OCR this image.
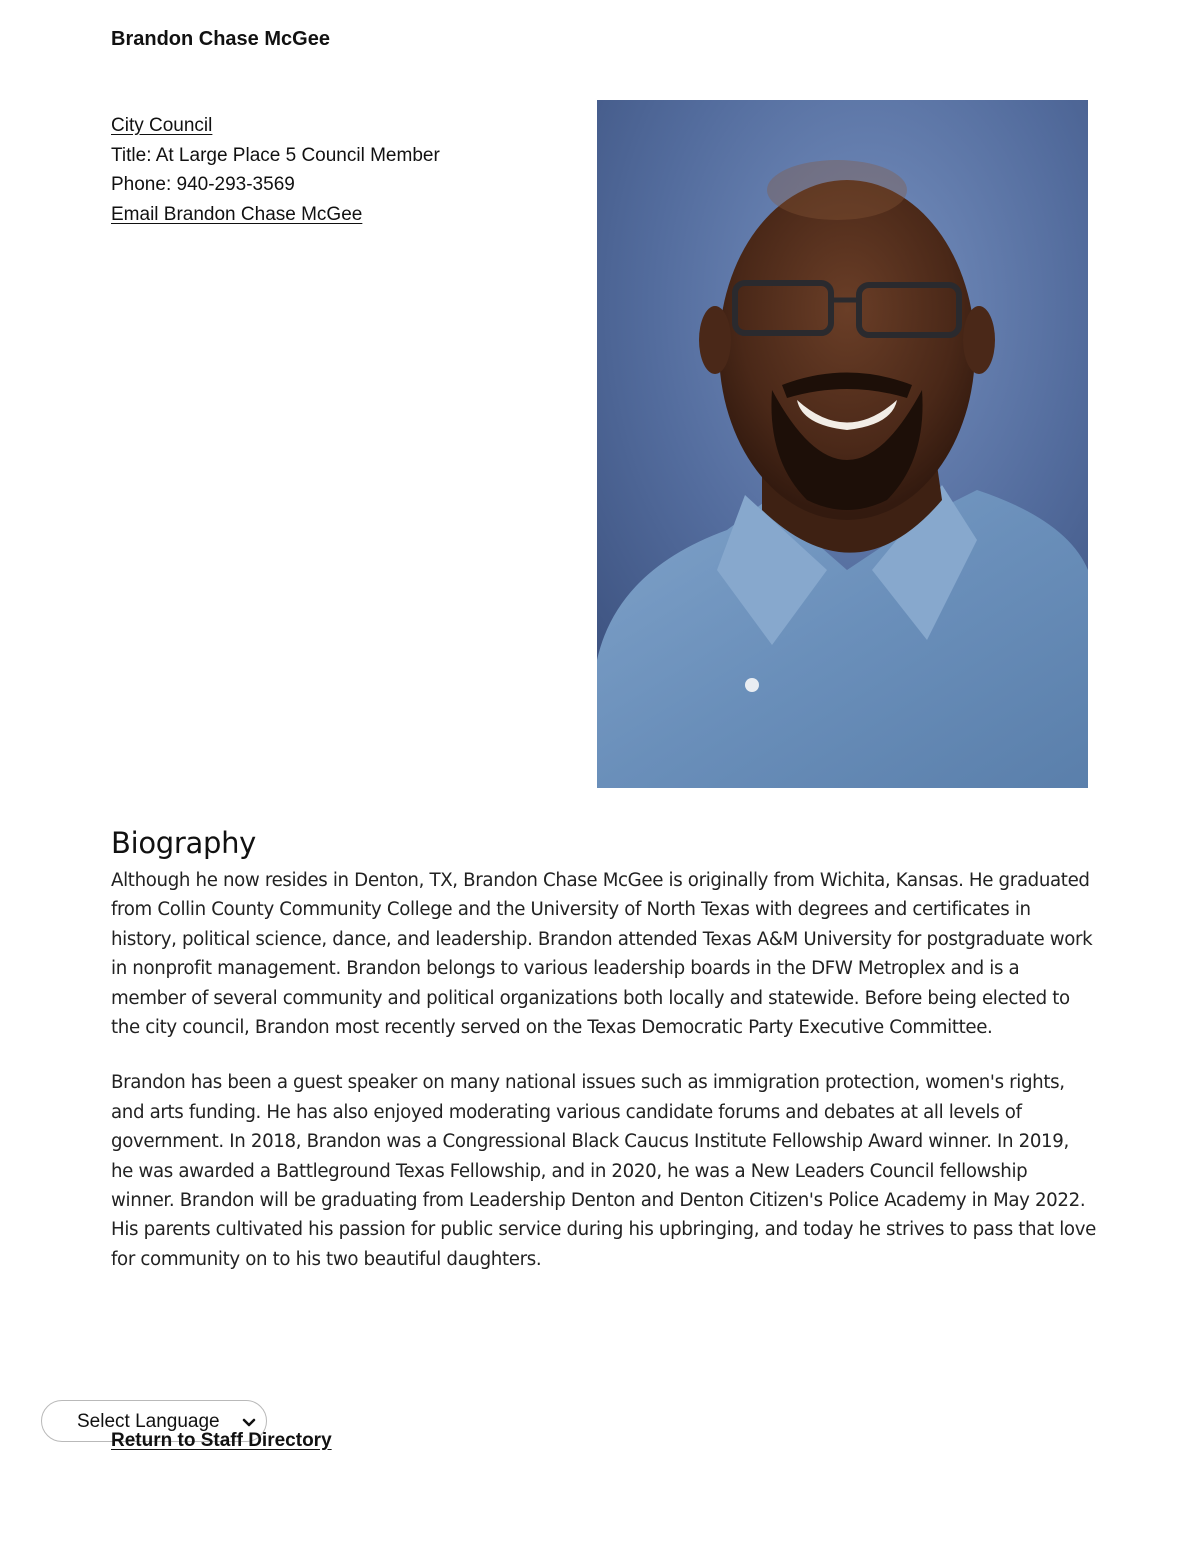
Brandon Chase McGee
City Council
Title: At Large Place 5 Council Member
Phone: 940-293-3569
Email Brandon Chase McGee
Biography

Although he now resides in Denton, TX, Brandon Chase McGee is originally from Wichita, Kansas. He graduated from Collin County Community College and the University of North Texas with degrees and certificates in history, political science, dance, and leadership. Brandon attended Texas A&M University for postgraduate work in nonprofit management. Brandon belongs to various leadership boards in the DFW Metroplex and is a member of several community and political organizations both locally and statewide. Before being elected to the city council, Brandon most recently served on the Texas Democratic Party Executive Committee.

Brandon has been a guest speaker on many national issues such as immigration protection, women's rights, and arts funding. He has also enjoyed moderating various candidate forums and debates at all levels of government. In 2018, Brandon was a Congressional Black Caucus Institute Fellowship Award winner. In 2019, he was awarded a Battleground Texas Fellowship, and in 2020, he was a New Leaders Council fellowship winner. Brandon will be graduating from Leadership Denton and Denton Citizen's Police Academy in May 2022. His parents cultivated his passion for public service during his upbringing, and today he strives to pass that love for community on to his two beautiful daughters.

Select Language
Return to Staff Directory
